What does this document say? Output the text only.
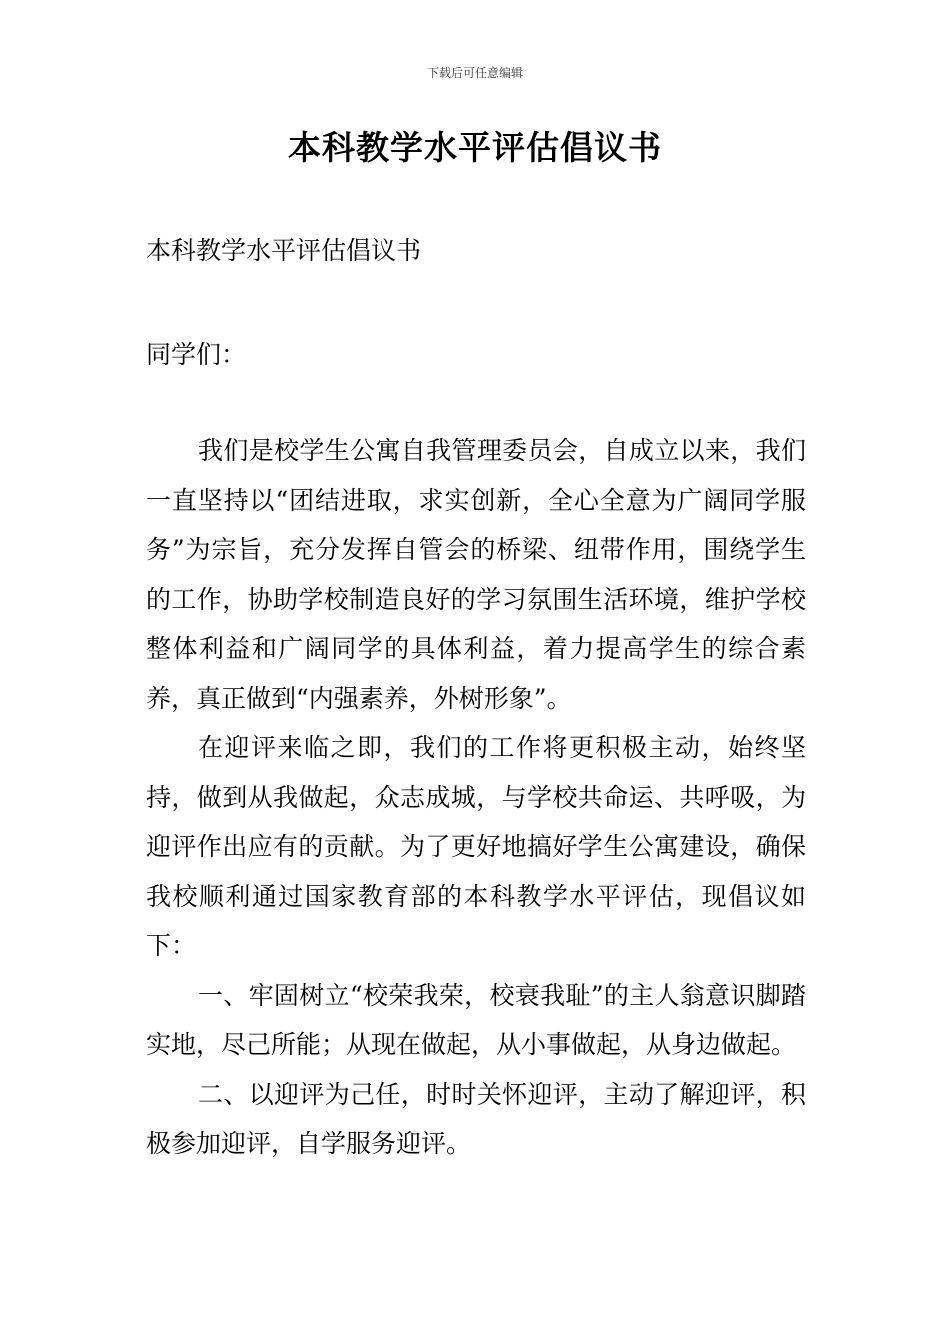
下载后可任意编辑
本科教学水平评估倡议书
本科教学水平评估倡议书
同学们：

我们是校学生公寓自我管理委员会，自成立以来，我们一直坚持以“团结进取，求实创新，全心全意为广阔同学服务”为宗旨，充分发挥自管会的桥梁、纽带作用，围绕学生的工作，协助学校制造良好的学习氛围生活环境，维护学校整体利益和广阔同学的具体利益，着力提高学生的综合素养，真正做到“内强素养，外树形象”。

在迎评来临之即，我们的工作将更积极主动，始终坚持，做到从我做起，众志成城，与学校共命运、共呼吸，为迎评作出应有的贡献。为了更好地搞好学生公寓建设，确保我校顺利通过国家教育部的本科教学水平评估，现倡议如下：

一、牢固树立“校荣我荣，校衰我耻”的主人翁意识脚踏实地，尽己所能；从现在做起，从小事做起，从身边做起。

二、以迎评为己任，时时关怀迎评，主动了解迎评，积极参加迎评，自学服务迎评。
